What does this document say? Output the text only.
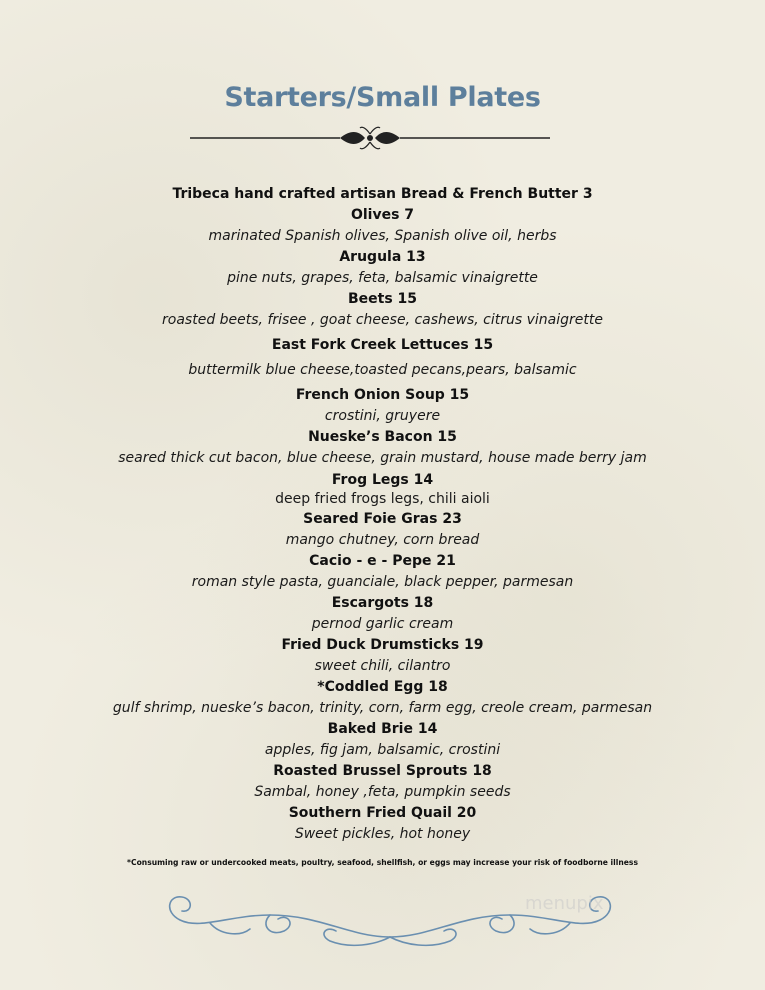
Starters/Small Plates
Tribeca hand crafted artisan Bread & French Butter 3
Olives 7
marinated Spanish olives, Spanish olive oil, herbs
Arugula 13
pine nuts, grapes, feta, balsamic vinaigrette
Beets 15
roasted beets, frisee , goat cheese, cashews, citrus vinaigrette
East Fork Creek Lettuces 15
buttermilk blue cheese,toasted pecans,pears, balsamic
French Onion Soup 15
crostini, gruyere
Nueske’s Bacon 15
seared thick cut bacon, blue cheese, grain mustard, house made berry jam
Frog Legs 14
deep fried frogs legs, chili aioli
Seared Foie Gras 23
mango chutney, corn bread
Cacio - e - Pepe 21
roman style pasta, guanciale, black pepper, parmesan
Escargots 18
pernod garlic cream
Fried Duck Drumsticks 19
sweet chili, cilantro
*Coddled Egg 18
gulf shrimp, nueske’s bacon, trinity, corn, farm egg, creole cream, parmesan
Baked Brie 14
apples, fig jam, balsamic, crostini
Roasted Brussel Sprouts 18
Sambal, honey ,feta, pumpkin seeds
Southern Fried Quail 20
Sweet pickles, hot honey
*Consuming raw or undercooked meats, poultry, seafood, shellfish, or eggs may increase your risk of foodborne illness
menupix
